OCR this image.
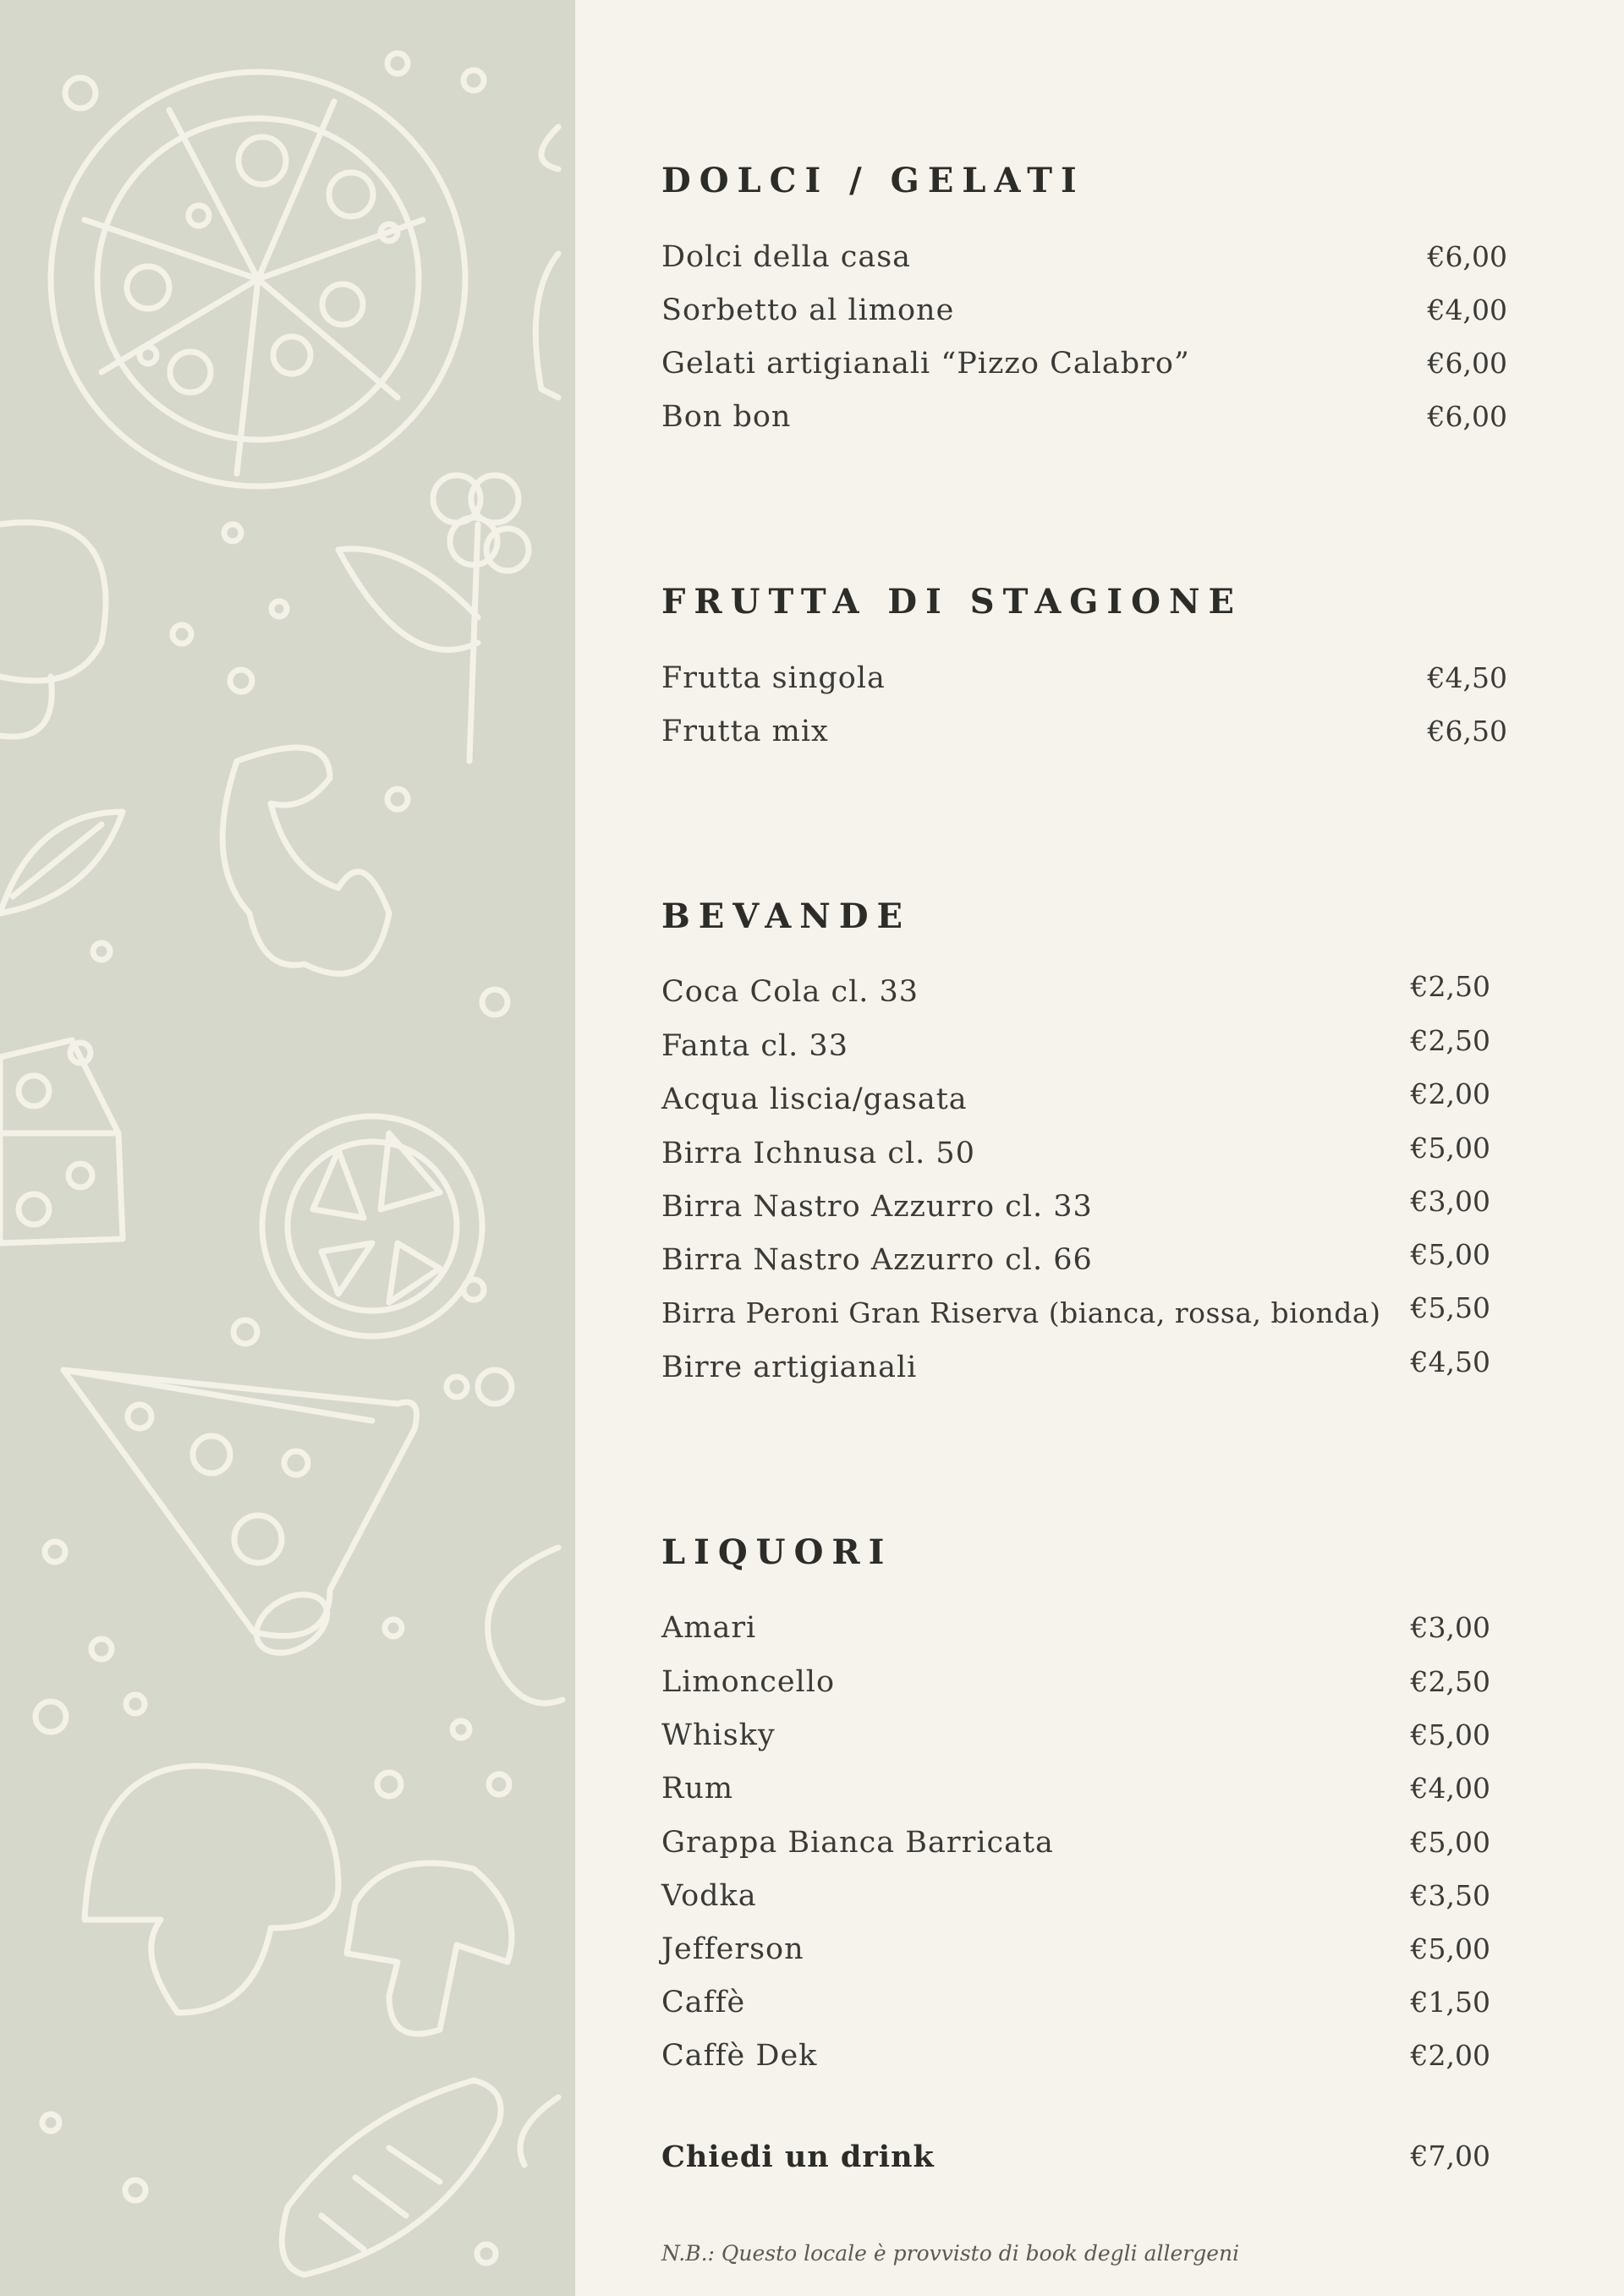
DOLCI / GELATI
Dolci della casa	€6,00
Sorbetto al limone	€4,00
Gelati artigianali “Pizzo Calabro”	€6,00
Bon bon	€6,00
FRUTTA DI STAGIONE
Frutta singola	€4,50
Frutta mix	€6,50
BEVANDE
Coca Cola cl. 33	€2,50
Fanta cl. 33	€2,50
Acqua liscia/gasata	€2,00
Birra Ichnusa cl. 50	€5,00
Birra Nastro Azzurro cl. 33	€3,00
Birra Nastro Azzurro cl. 66	€5,00
Birra Peroni Gran Riserva (bianca, rossa, bionda) €5,50
Birre artigianali	€4,50
LIQUORI
Amari	€3,00
Limoncello	€2,50
Whisky	€5,00
Rum	€4,00
Grappa Bianca Barricata	€5,00
Vodka	€3,50
Jefferson	€5,00
Caffè	€1,50
Caffè Dek	€2,00
Chiedi un drink	€7,00
N.B.: Questo locale è provvisto di book degli allergeni
